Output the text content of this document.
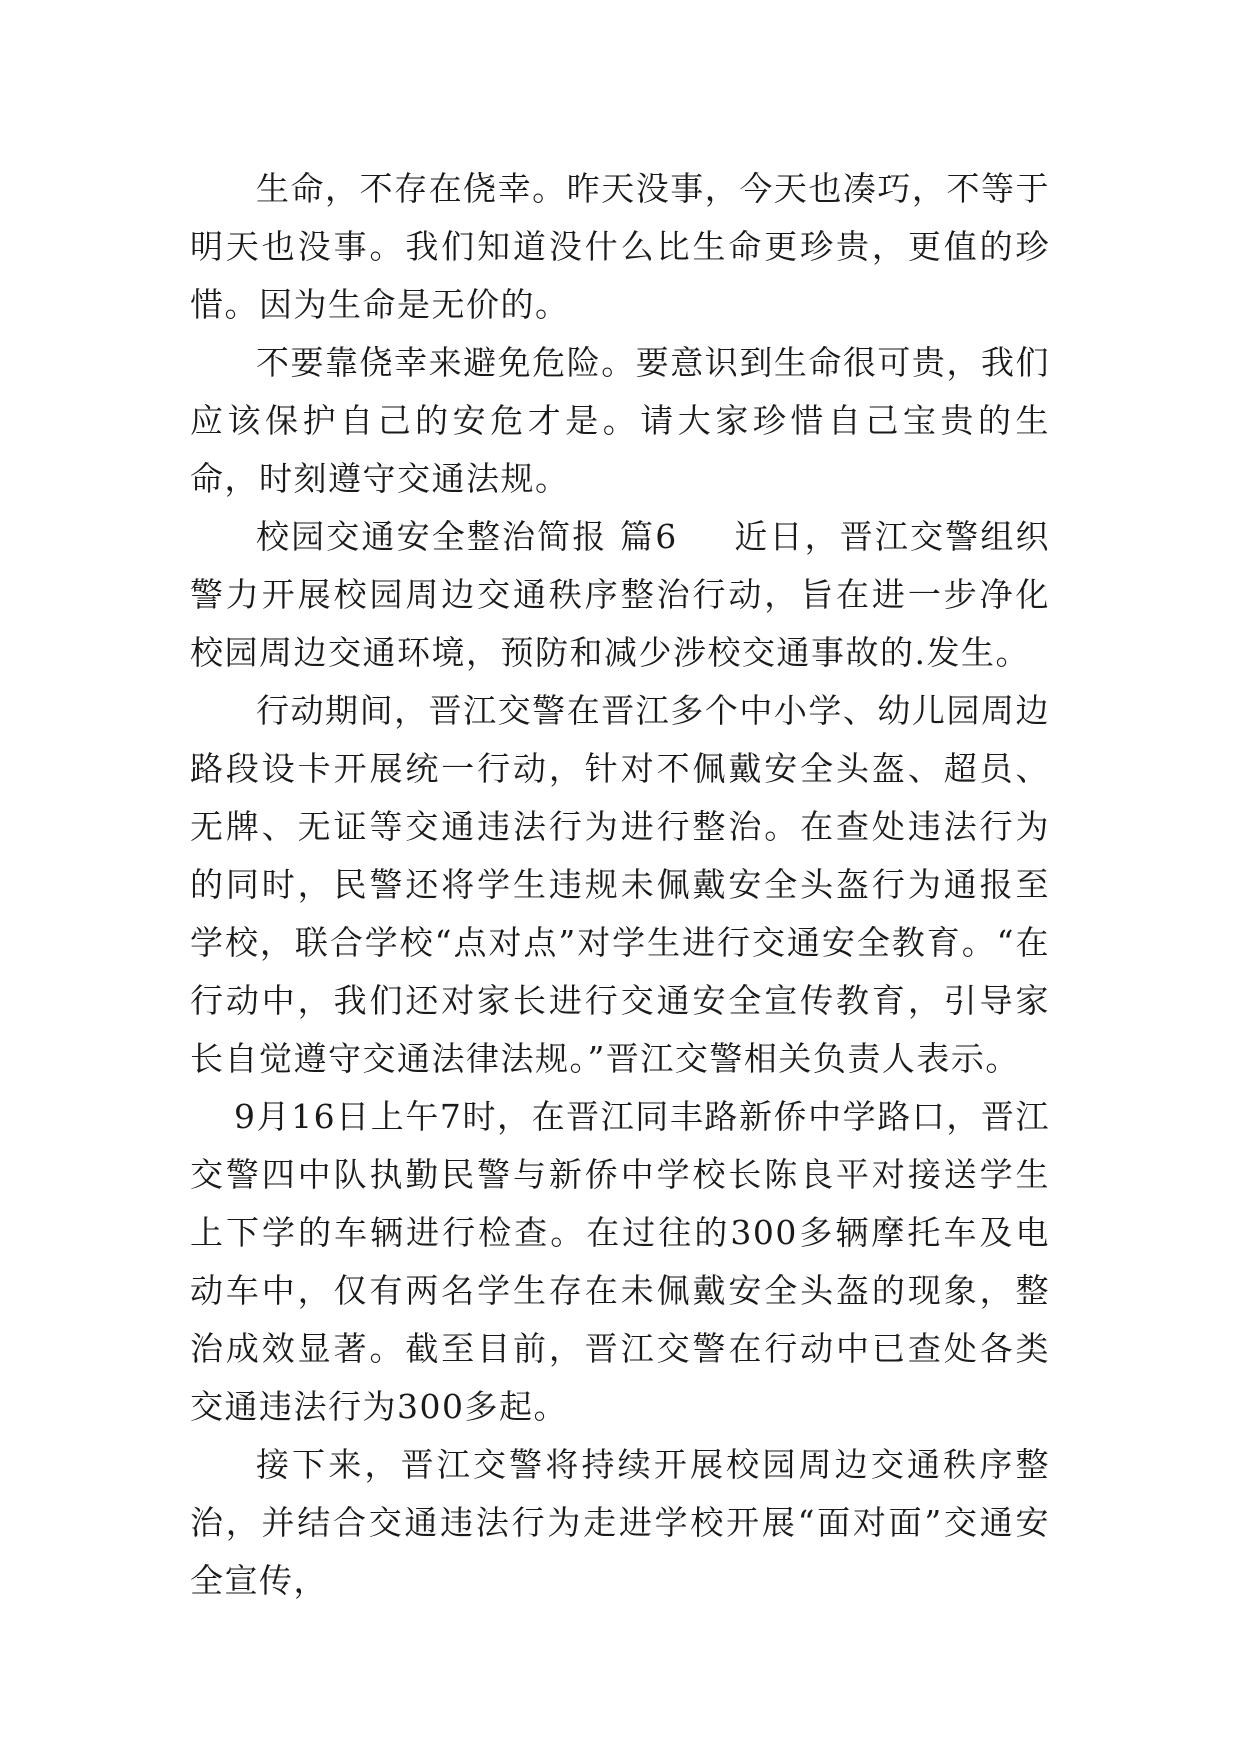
生命，不存在侥幸。昨天没事，今天也凑巧，不等于明天也没事。我们知道没什么比生命更珍贵，更值的珍惜。因为生命是无价的。

不要靠侥幸来避免危险。要意识到生命很可贵，我们应该保护自己的安危才是。请大家珍惜自己宝贵的生命，时刻遵守交通法规。

校园交通安全整治简报 篇6 近日，晋江交警组织警力开展校园周边交通秩序整治行动，旨在进一步净化校园周边交通环境，预防和减少涉校交通事故的.发生。

行动期间，晋江交警在晋江多个中小学、幼儿园周边路段设卡开展统一行动，针对不佩戴安全头盔、超员、无牌、无证等交通违法行为进行整治。在查处违法行为的同时，民警还将学生违规未佩戴安全头盔行为通报至学校，联合学校“点对点”对学生进行交通安全教育。“在行动中，我们还对家长进行交通安全宣传教育，引导家长自觉遵守交通法律法规。”晋江交警相关负责人表示。

9月16日上午7时，在晋江同丰路新侨中学路口，晋江交警四中队执勤民警与新侨中学校长陈良平对接送学生上下学的车辆进行检查。在过往的300多辆摩托车及电动车中，仅有两名学生存在未佩戴安全头盔的现象，整治成效显著。截至目前，晋江交警在行动中已查处各类交通违法行为300多起。

接下来，晋江交警将持续开展校园周边交通秩序整治，并结合交通违法行为走进学校开展“面对面”交通安全宣传，
